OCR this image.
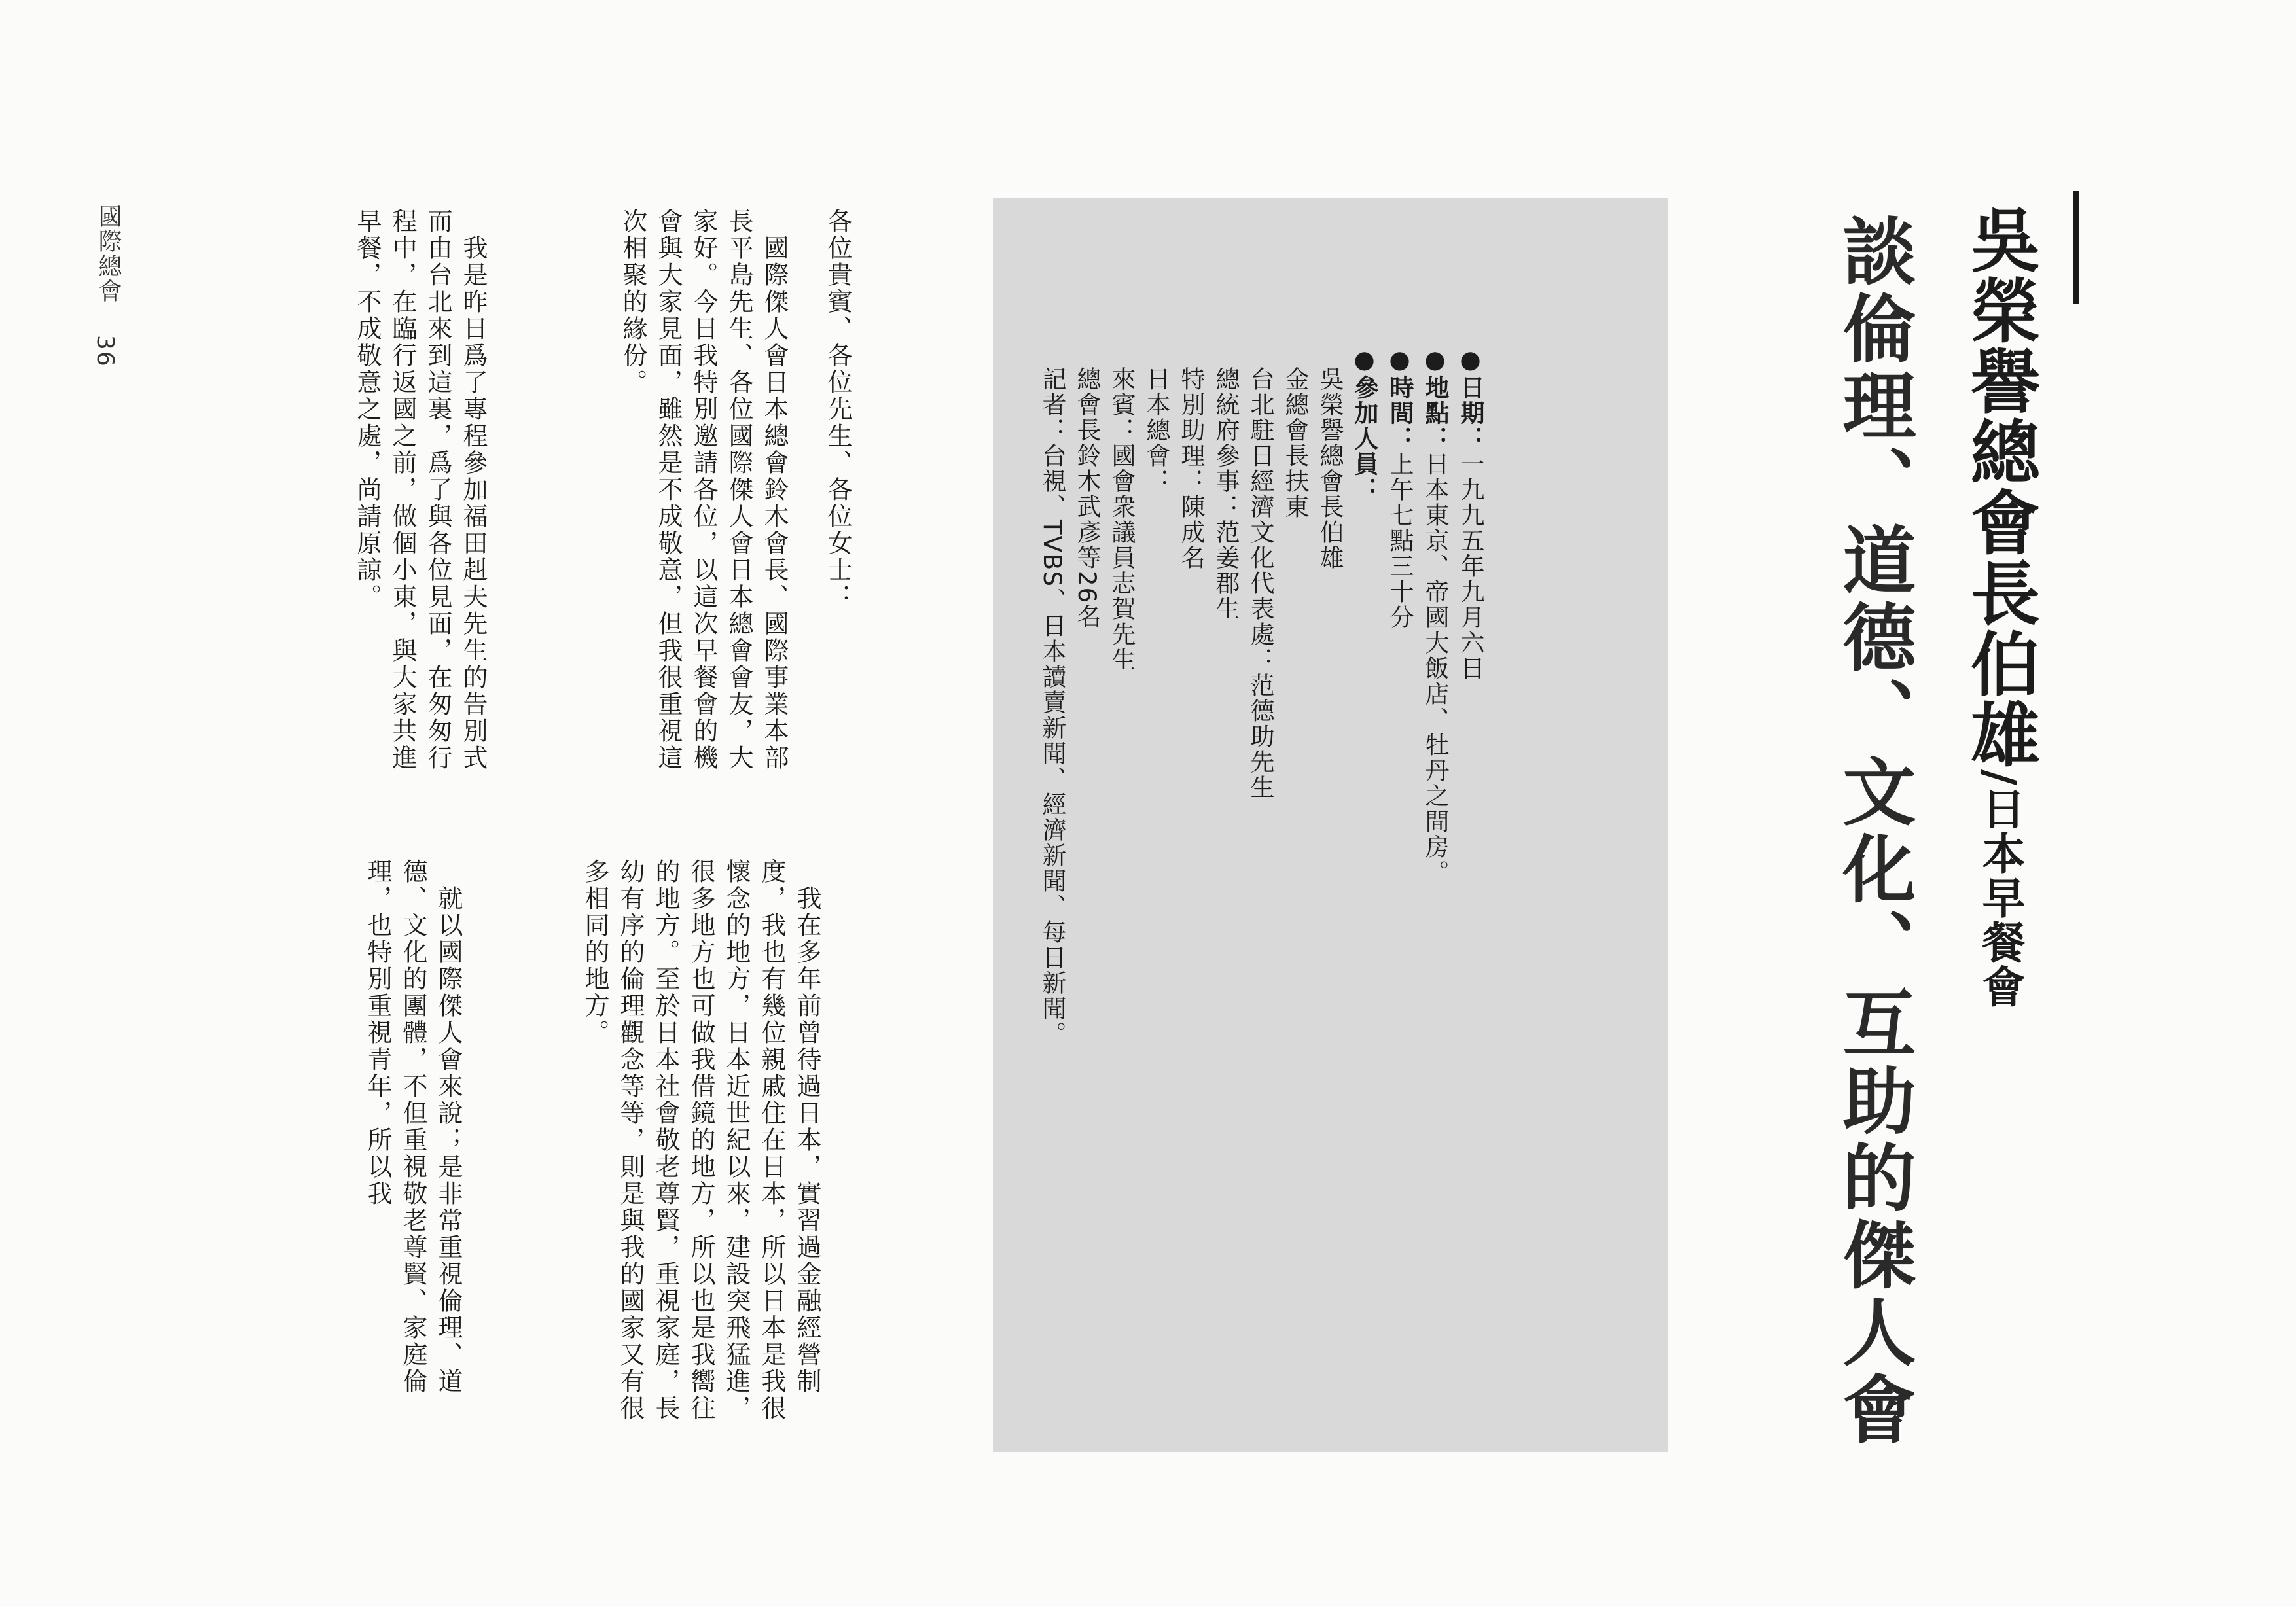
吳榮譽總會長伯雄/日本早餐會
談倫理、道德、文化、互助的傑人會
●日期：一九九五年九月六日
●地點：日本東京、帝國大飯店、牡丹之間房。
●時間：上午七點三十分
●參加人員：
吳榮譽總會長伯雄
金總會長扶東
台北駐日經濟文化代表處：范德助先生
總統府參事：范姜郡生
特別助理：陳成名
日本總會：
來賓：國會衆議員志賀先生
總會長鈴木武彥等26名
記者：台視、TVBS、日本讀賣新聞、經濟新聞、每日新聞。
各位貴賓、各位先生、各位女士：
　國際傑人會日本總會鈴木會長、國際事業本部長平島先生、各位國際傑人會日本總會會友，大家好。今日我特別邀請各位，以這次早餐會的機會與大家見面，雖然是不成敬意，但我很重視這次相聚的緣份。
　我是昨日爲了專程參加福田赳夫先生的告別式而由台北來到這裏，爲了與各位見面，在匆匆行程中，在臨行返國之前，做個小東，與大家共進早餐，不成敬意之處，尚請原諒。
　我在多年前曾待過日本，實習過金融經營制度，我也有幾位親戚住在日本，所以日本是我很懷念的地方，日本近世紀以來，建設突飛猛進，很多地方也可做我借鏡的地方，所以也是我嚮往的地方。至於日本社會敬老尊賢，重視家庭，長幼有序的倫理觀念等等，則是與我的國家又有很多相同的地方。
　就以國際傑人會來說；是非常重視倫理、道德、文化的團體，不但重視敬老尊賢、家庭倫理，也特別重視青年，所以我
國際總會
36
